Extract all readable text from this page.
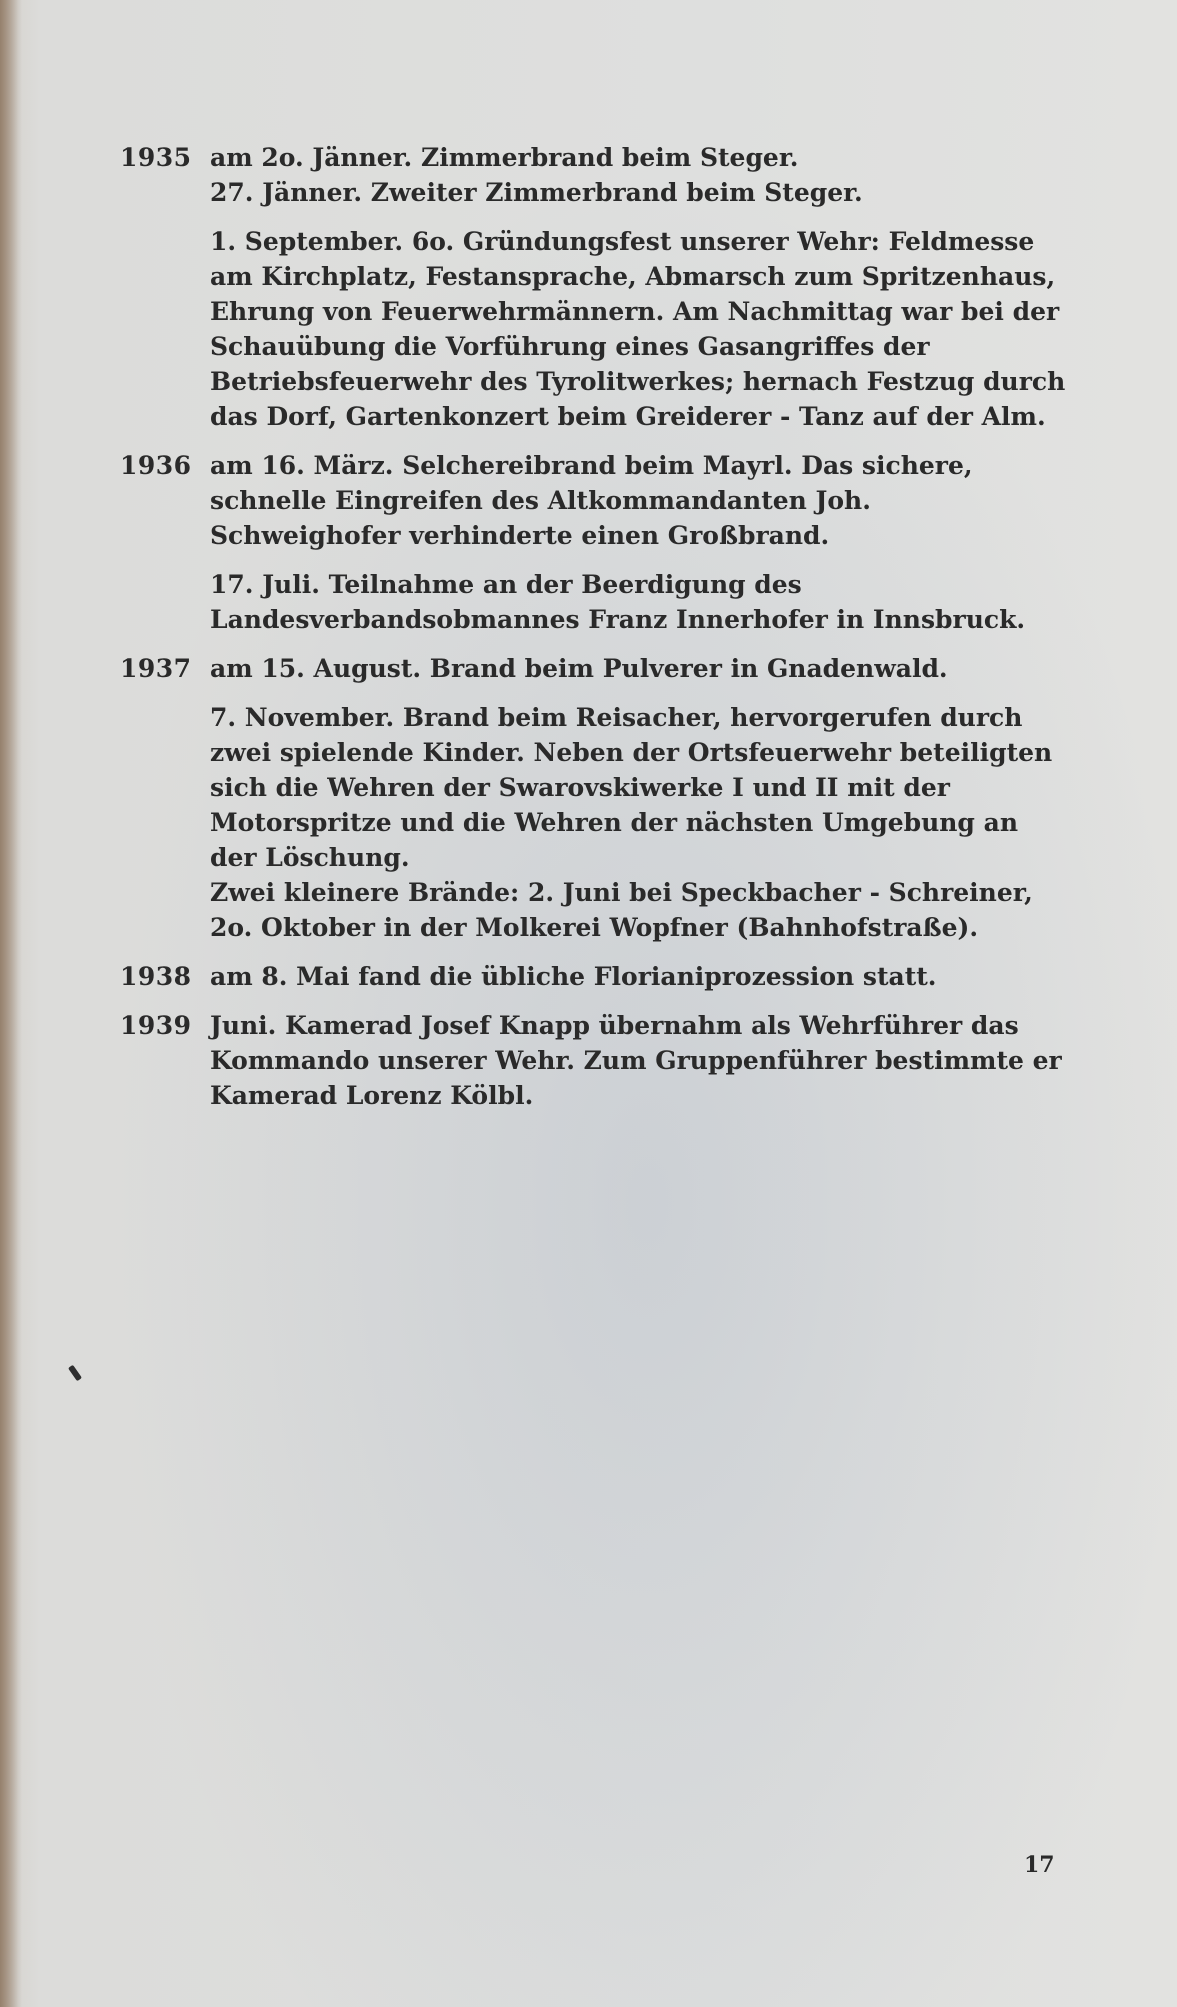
1935 am 2o. Jänner. Zimmerbrand beim Steger.
27. Jänner. Zweiter Zimmerbrand beim Steger.

1. September. 6o. Gründungsfest unserer Wehr: Feldmesse am Kirchplatz, Festansprache, Abmarsch zum Spritzenhaus, Ehrung von Feuerwehrmännern. Am Nachmittag war bei der Schauübung die Vorführung eines Gasangriffes der Betriebsfeuerwehr des Tyrolitwerkes; hernach Festzug durch das Dorf, Gartenkonzert beim Greiderer - Tanz auf der Alm.

1936 am 16. März. Selchereibrand beim Mayrl. Das sichere, schnelle Eingreifen des Altkommandanten Joh. Schweighofer verhinderte einen Großbrand.

17. Juli. Teilnahme an der Beerdigung des Landesverbandsobmannes Franz Innerhofer in Innsbruck.

1937 am 15. August. Brand beim Pulverer in Gnadenwald.

7. November. Brand beim Reisacher, hervorgerufen durch zwei spielende Kinder. Neben der Ortsfeuerwehr beteiligten sich die Wehren der Swarovskiwerke I und II mit der Motorspritze und die Wehren der nächsten Umgebung an der Löschung.
Zwei kleinere Brände: 2. Juni bei Speckbacher - Schreiner, 2o. Oktober in der Molkerei Wopfner (Bahnhofstraße).

1938 am 8. Mai fand die übliche Florianiprozession statt.

1939 Juni. Kamerad Josef Knapp übernahm als Wehrführer das Kommando unserer Wehr. Zum Gruppenführer bestimmte er Kamerad Lorenz Kölbl.

17
